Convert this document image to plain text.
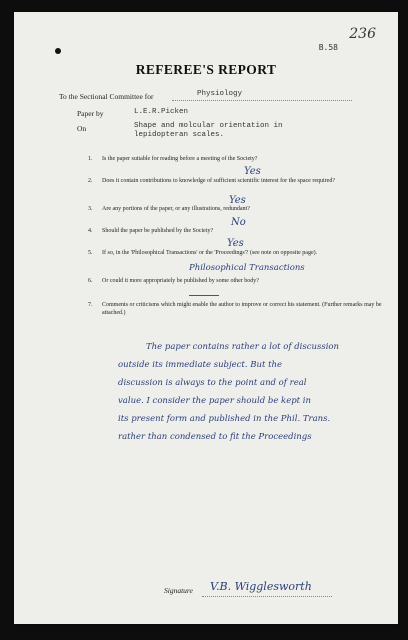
236
B.58
REFEREE'S REPORT
To the Sectional Committee for	Physiology
Paper by	L.E.R.Picken
On	Shape and molcular orientation in
lepidopteran scales.
1. Is the paper suitable for reading before a meeting of the Society?
Yes
2. Does it contain contributions to knowledge of sufficient scientific interest for the space required?
Yes
3. Are any portions of the paper, or any illustrations, redundant?
No
4. Should the paper be published by the Society?
Yes
5. If so, in the 'Philosophical Transactions' or the 'Proceedings'? (see note on opposite page).
Philosophical Transactions
6. Or could it more appropriately be published by some other body?
7. Comments or criticisms which might enable the author to improve or correct his statement. (Further remarks may be attached.)
The paper contains rather a lot of discussion
outside its immediate subject. But the
discussion is always to the point and of real
value. I consider the paper should be kept in
its present form and published in the Phil. Trans.
rather than condensed to fit the Proceedings
Signature V.B. Wigglesworth
